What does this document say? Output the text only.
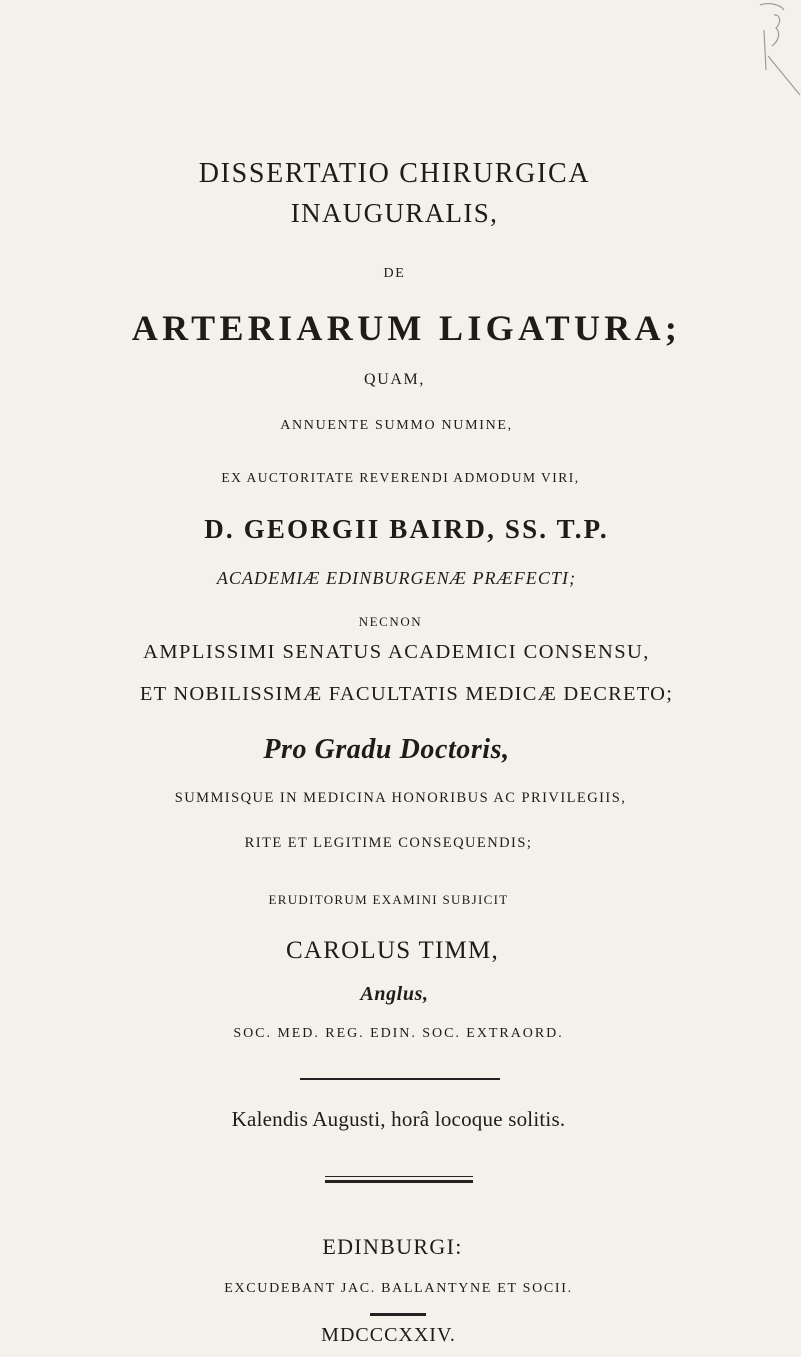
DISSERTATIO CHIRURGICA
INAUGURALIS,
DE
ARTERIARUM LIGATURA;
QUAM,
ANNUENTE SUMMO NUMINE,
EX AUCTORITATE REVERENDI ADMODUM VIRI,
D. GEORGII BAIRD, SS. T.P.
ACADEMIÆ EDINBURGENÆ PRÆFECTI;
NECNON
AMPLISSIMI SENATUS ACADEMICI CONSENSU,
ET NOBILISSIMÆ FACULTATIS MEDICÆ DECRETO;
Pro Gradu Doctoris,
SUMMISQUE IN MEDICINA HONORIBUS AC PRIVILEGIIS,
RITE ET LEGITIME CONSEQUENDIS;
ERUDITORUM EXAMINI SUBJICIT
CAROLUS TIMM,
Anglus,
SOC. MED. REG. EDIN. SOC. EXTRAORD.
Kalendis Augusti, horâ locoque solitis.
EDINBURGI:
EXCUDEBANT JAC. BALLANTYNE ET SOCII.
MDCCCXXIV.
